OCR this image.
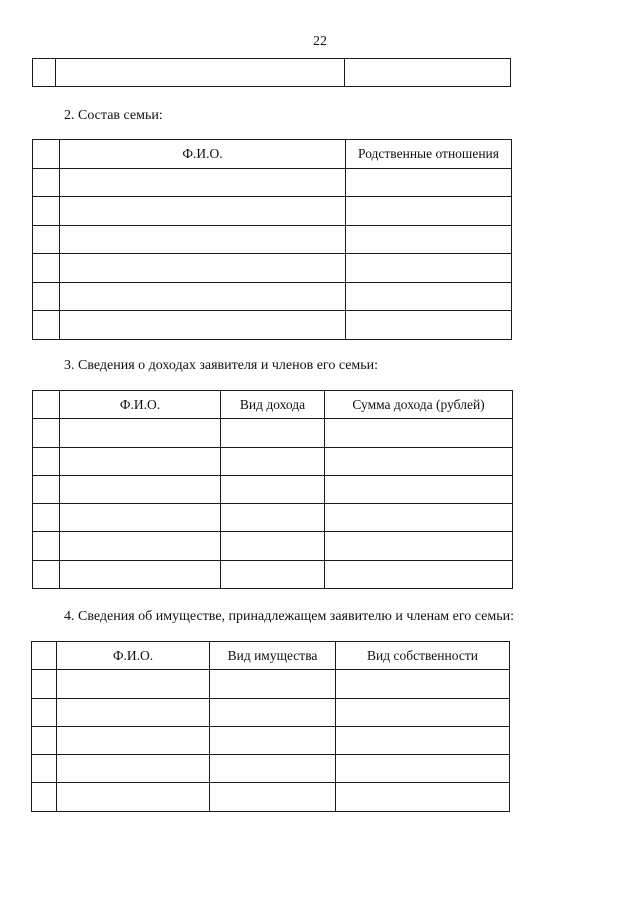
22

2. Состав семьи:
	Ф.И.О.	Родственные отношения

3. Сведения о доходах заявителя и членов его семьи:
	Ф.И.О.	Вид дохода	Сумма дохода (рублей)

4. Сведения об имуществе, принадлежащем заявителю и членам его семьи:
	Ф.И.О.	Вид имущества	Вид собственности
